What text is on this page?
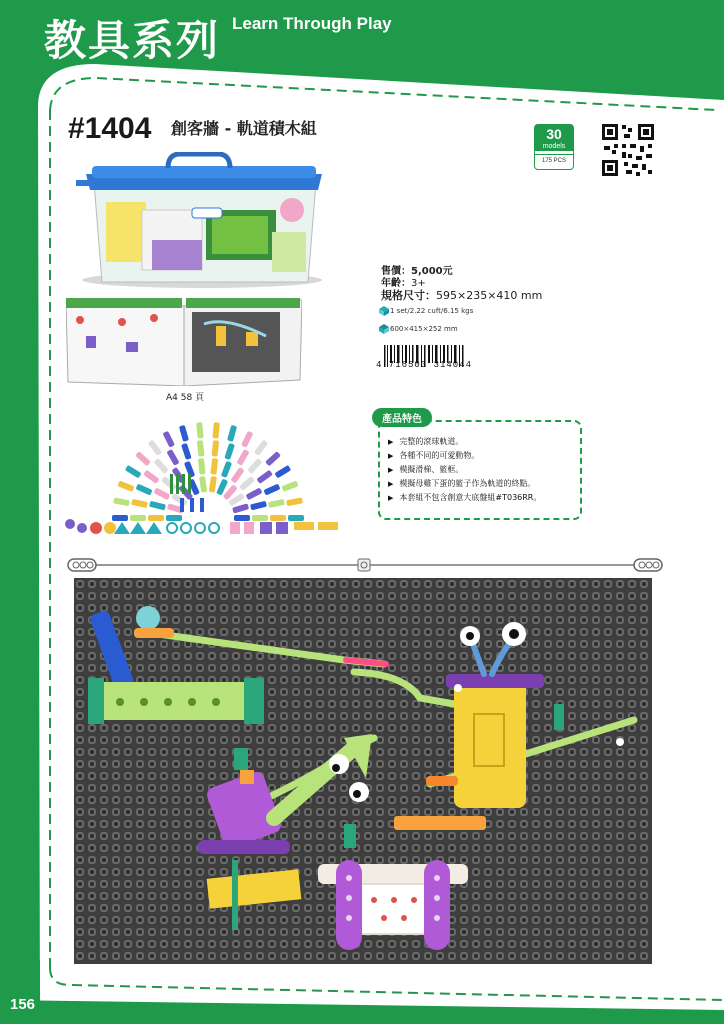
教具系列 Learn Through Play
#1404 創客牆 - 軌道積木組	30
models
175 PCS
A4 58 頁
售價：5,000元
年齡：3+
規格尺寸：595×235×410 mm
1 set/2.22 cuft/6.15 kgs
600×415×252 mm
4 716503 314044
產品特色
▶ 完整的滾球軌道。
▶ 各種不同的可愛動物。
▶ 模擬滑梯、籃框。
▶ 模擬母雞下蛋的籃子作為軌道的終點。
▶ 本套組不包含創意大底盤組#T036RR。
156
